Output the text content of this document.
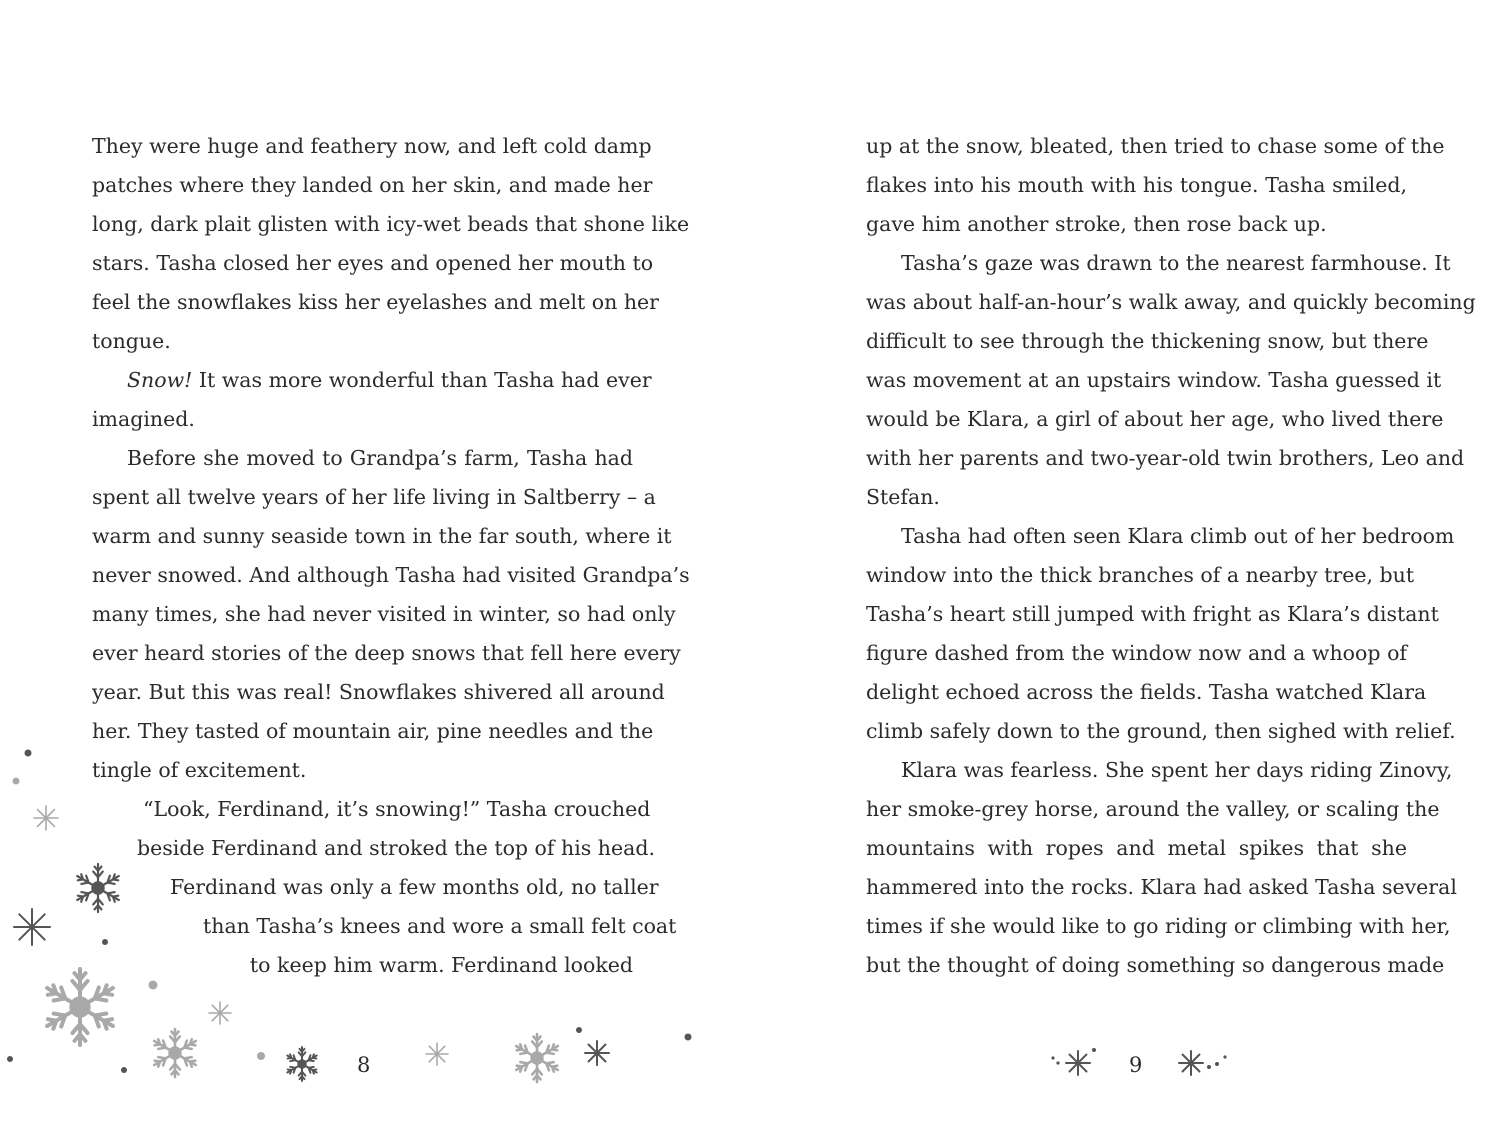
They were huge and feathery now, and left cold damp
patches where they landed on her skin, and made her
long, dark plait glisten with icy-wet beads that shone like
stars. Tasha closed her eyes and opened her mouth to
feel the snowflakes kiss her eyelashes and melt on her
tongue.
Snow! It was more wonderful than Tasha had ever
imagined.
Before she moved to Grandpa’s farm, Tasha had
spent all twelve years of her life living in Saltberry – a
warm and sunny seaside town in the far south, where it
never snowed. And although Tasha had visited Grandpa’s
many times, she had never visited in winter, so had only
ever heard stories of the deep snows that fell here every
year. But this was real! Snowflakes shivered all around
her. They tasted of mountain air, pine needles and the
tingle of excitement.
“Look, Ferdinand, it’s snowing!” Tasha crouched
beside Ferdinand and stroked the top of his head.
Ferdinand was only a few months old, no taller
than Tasha’s knees and wore a small felt coat
to keep him warm. Ferdinand looked
8
up at the snow, bleated, then tried to chase some of the
flakes into his mouth with his tongue. Tasha smiled,
gave him another stroke, then rose back up.
Tasha’s gaze was drawn to the nearest farmhouse. It
was about half-an-hour’s walk away, and quickly becoming
difficult to see through the thickening snow, but there
was movement at an upstairs window. Tasha guessed it
would be Klara, a girl of about her age, who lived there
with her parents and two-year-old twin brothers, Leo and
Stefan.
Tasha had often seen Klara climb out of her bedroom
window into the thick branches of a nearby tree, but
Tasha’s heart still jumped with fright as Klara’s distant
figure dashed from the window now and a whoop of
delight echoed across the fields. Tasha watched Klara
climb safely down to the ground, then sighed with relief.
Klara was fearless. She spent her days riding Zinovy,
her smoke-grey horse, around the valley, or scaling the
mountains with ropes and metal spikes that she
hammered into the rocks. Klara had asked Tasha several
times if she would like to go riding or climbing with her,
but the thought of doing something so dangerous made
9
